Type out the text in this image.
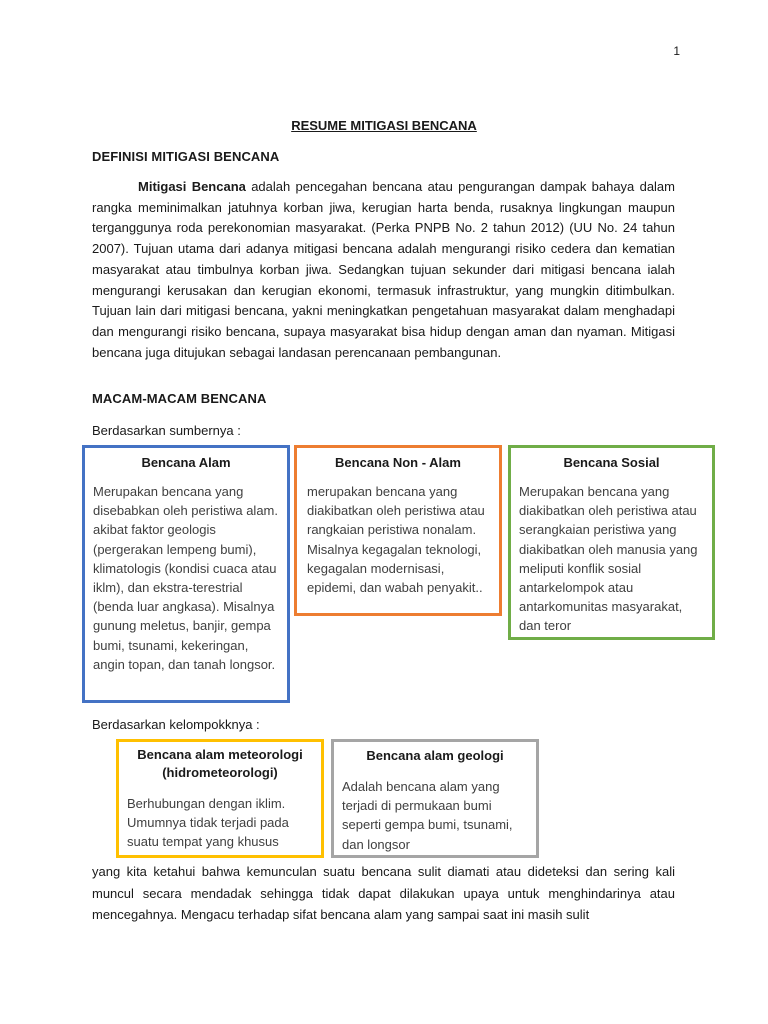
1
RESUME MITIGASI BENCANA
DEFINISI MITIGASI BENCANA

Mitigasi Bencana adalah pencegahan bencana atau pengurangan dampak bahaya dalam rangka meminimalkan jatuhnya korban jiwa, kerugian harta benda, rusaknya lingkungan maupun terganggunya roda perekonomian masyarakat. (Perka PNPB No. 2 tahun 2012) (UU No. 24 tahun 2007). Tujuan utama dari adanya mitigasi bencana adalah mengurangi risiko cedera dan kematian masyarakat atau timbulnya korban jiwa. Sedangkan tujuan sekunder dari mitigasi bencana ialah mengurangi kerusakan dan kerugian ekonomi, termasuk infrastruktur, yang mungkin ditimbulkan. Tujuan lain dari mitigasi bencana, yakni meningkatkan pengetahuan masyarakat dalam menghadapi dan mengurangi risiko bencana, supaya masyarakat bisa hidup dengan aman dan nyaman. Mitigasi bencana juga ditujukan sebagai landasan perencanaan pembangunan.

MACAM-MACAM BENCANA
Berdasarkan sumbernya :
Bencana Alam
Merupakan bencana yang disebabkan oleh peristiwa alam. akibat faktor geologis (pergerakan lempeng bumi), klimatologis (kondisi cuaca atau iklm), dan ekstra-terestrial (benda luar angkasa). Misalnya gunung meletus, banjir, gempa bumi, tsunami, kekeringan, angin topan, dan tanah longsor.
Bencana Non - Alam
merupakan bencana yang diakibatkan oleh peristiwa atau rangkaian peristiwa nonalam. Misalnya kegagalan teknologi, kegagalan modernisasi, epidemi, dan wabah penyakit..
Bencana Sosial
Merupakan bencana yang diakibatkan oleh peristiwa atau serangkaian peristiwa yang diakibatkan oleh manusia yang meliputi konflik sosial antarkelompok atau antarkomunitas masyarakat, dan teror
Berdasarkan kelompokknya :
Bencana alam meteorologi (hidrometeorologi)
Berhubungan dengan iklim. Umumnya tidak terjadi pada suatu tempat yang khusus
Bencana alam geologi
Adalah bencana alam yang terjadi di permukaan bumi seperti gempa bumi, tsunami, dan longsor

yang kita ketahui bahwa kemunculan suatu bencana sulit diamati atau dideteksi dan sering kali muncul secara mendadak sehingga tidak dapat dilakukan upaya untuk menghindarinya atau mencegahnya. Mengacu terhadap sifat bencana alam yang sampai saat ini masih sulit
